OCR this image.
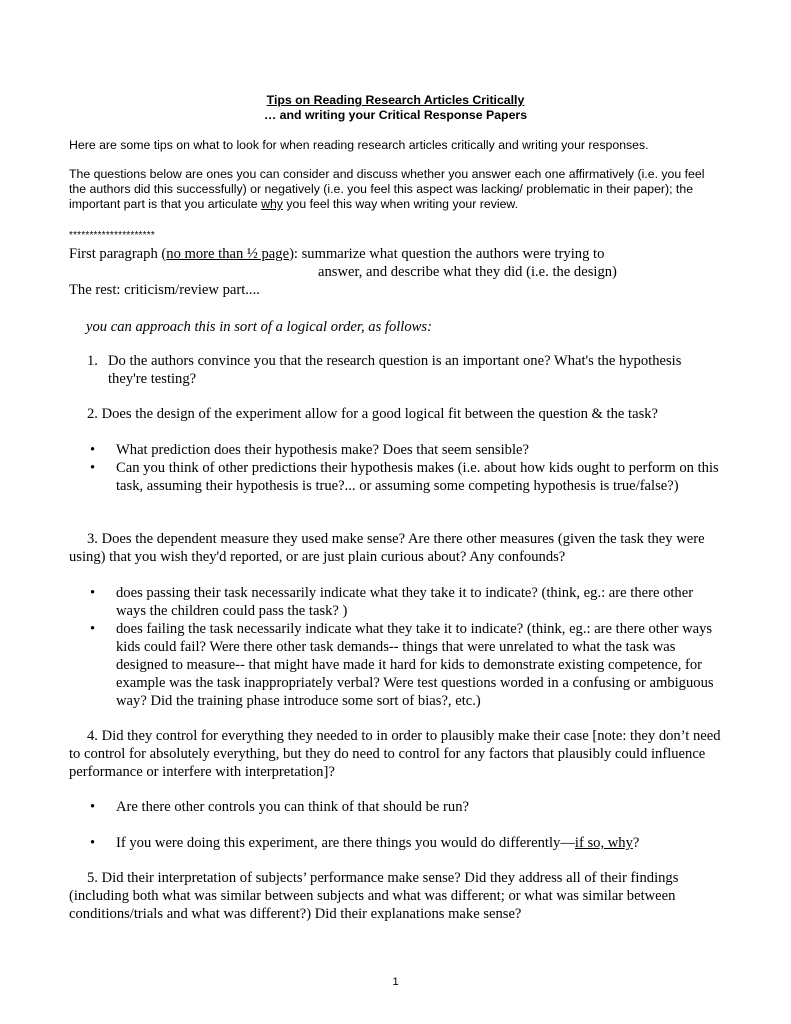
Tips on Reading Research Articles Critically
… and writing your Critical Response Papers

Here are some tips on what to look for when reading research articles critically and writing your responses.

The questions below are ones you can consider and discuss whether you answer each one affirmatively (i.e. you feel the authors did this successfully) or negatively (i.e. you feel this aspect was lacking/ problematic in their paper); the important part is that you articulate why you feel this way when writing your review.

*********************

First paragraph (no more than ½ page): summarize what question the authors were trying to

answer, and describe what they did (i.e. the design)

The rest: criticism/review part....

you can approach this in sort of a logical order, as follows:

1. Do the authors convince you that the research question is an important one? What's the hypothesis
they're testing?

2. Does the design of the experiment allow for a good logical fit between the question & the task?

• What prediction does their hypothesis make? Does that seem sensible?
• Can you think of other predictions their hypothesis makes (i.e. about how kids ought to perform on this task, assuming their hypothesis is true?... or assuming some competing hypothesis is true/false?)

3. Does the dependent measure they used make sense? Are there other measures (given the task they were using) that you wish they'd reported, or are just plain curious about? Any confounds?

• does passing their task necessarily indicate what they take it to indicate? (think, eg.: are there other ways the children could pass the task? )
• does failing the task necessarily indicate what they take it to indicate? (think, eg.: are there other ways kids could fail? Were there other task demands-- things that were unrelated to what the task was designed to measure-- that might have made it hard for kids to demonstrate existing competence, for example was the task inappropriately verbal? Were test questions worded in a confusing or ambiguous way? Did the training phase introduce some sort of bias?, etc.)

4. Did they control for everything they needed to in order to plausibly make their case [note: they don’t need to control for absolutely everything, but they do need to control for any factors that plausibly could influence performance or interfere with interpretation]?

• Are there other controls you can think of that should be run?
• If you were doing this experiment, are there things you would do differently—if so, why?

5. Did their interpretation of subjects’ performance make sense? Did they address all of their findings (including both what was similar between subjects and what was different; or what was similar between conditions/trials and what was different?) Did their explanations make sense?

1
